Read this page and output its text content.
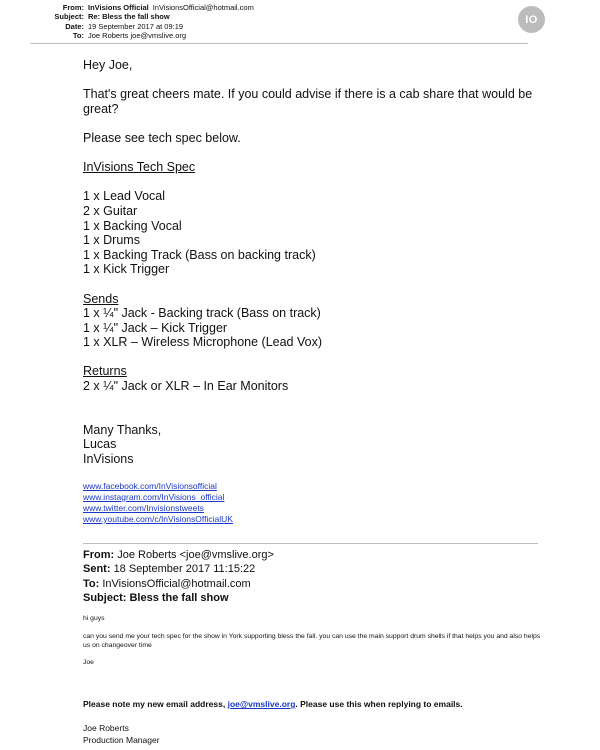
From: InVisions Official InVisionsOfficial@hotmail.com
Subject: Re: Bless the fall show
Date: 19 September 2017 at 09:19
To: Joe Roberts joe@vmslive.org
IO
Hey Joe,
That's great cheers mate. If you could advise if there is a cab share that would be great?
Please see tech spec below.
InVisions Tech Spec
1 x Lead Vocal
2 x Guitar
1 x Backing Vocal
1 x Drums
1 x Backing Track (Bass on backing track)
1 x Kick Trigger
Sends
1 x ¼" Jack - Backing track (Bass on track)
1 x ¼" Jack – Kick Trigger
1 x XLR – Wireless Microphone (Lead Vox)
Returns
2 x ¼" Jack or XLR – In Ear Monitors
Many Thanks,
Lucas
InVisions
www.facebook.com/InVisionsofficial
www.instagram.com/InVisions_official
www.twitter.com/Invisionstweets
www.youtube.com/c/InVisionsOfficialUK
From: Joe Roberts <joe@vmslive.org>
Sent: 18 September 2017 11:15:22
To: InVisionsOfficial@hotmail.com
Subject: Bless the fall show
hi guys
can you send me your tech spec for the show in York supporting bless the fall. you can use the main support drum shells if that helps you and also helps us on changeover time
Joe
Please note my new email address, joe@vmslive.org. Please use this when replying to emails.
Joe Roberts
Production Manager
